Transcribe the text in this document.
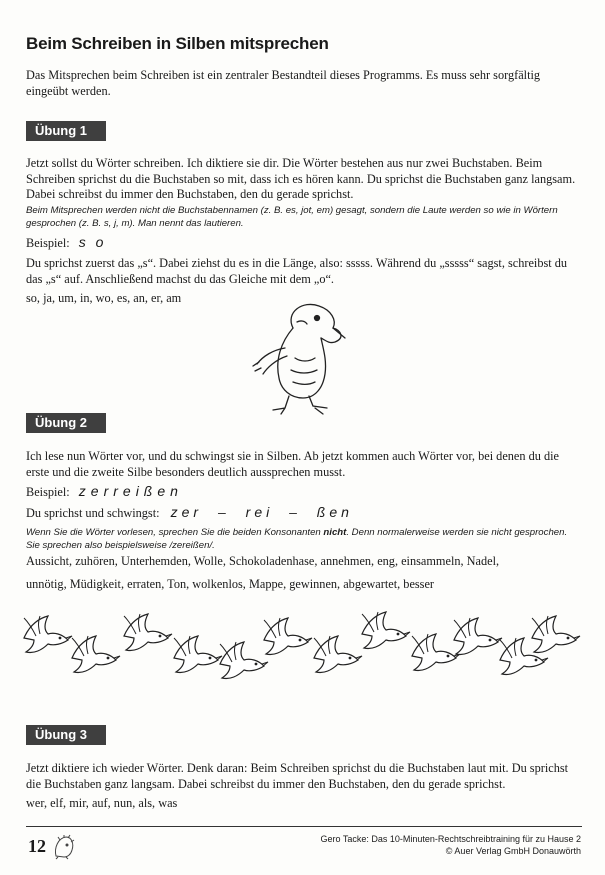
Beim Schreiben in Silben mitsprechen

Das Mitsprechen beim Schreiben ist ein zentraler Bestandteil dieses Programms. Es muss sehr sorgfältig eingeübt werden.

Übung 1

Jetzt sollst du Wörter schreiben. Ich diktiere sie dir. Die Wörter bestehen aus nur zwei Buchstaben. Beim Schreiben sprichst du die Buchstaben so mit, dass ich es hören kann. Du sprichst die Buchstaben ganz langsam. Dabei schreibst du immer den Buchstaben, den du gerade sprichst.

Beim Mitsprechen werden nicht die Buchstabennamen (z. B. es, jot, em) gesagt, sondern die Laute werden so wie in Wörtern gesprochen (z. B. s, j, m). Man nennt das lautieren.

Beispiel: s o

Du sprichst zuerst das „s“. Dabei ziehst du es in die Länge, also: sssss. Während du „sssss“ sagst, schreibst du das „s“ auf. Anschließend machst du das Gleiche mit dem „o“.

so, ja, um, in, wo, es, an, er, am

Übung 2

Ich lese nun Wörter vor, und du schwingst sie in Silben. Ab jetzt kommen auch Wörter vor, bei denen du die erste und die zweite Silbe besonders deutlich aussprechen musst.

Beispiel: zerreißen
Du sprichst und schwingst: zer – rei – ßen

Wenn Sie die Wörter vorlesen, sprechen Sie die beiden Konsonanten nicht. Denn normalerweise werden sie nicht gesprochen. Sie sprechen also beispielsweise /zereißen/.

Aussicht, zuhören, Unterhemden, Wolle, Schokoladenhase, annehmen, eng, einsammeln, Nadel,

unnötig, Müdigkeit, erraten, Ton, wolkenlos, Mappe, gewinnen, abgewartet, besser

Übung 3

Jetzt diktiere ich wieder Wörter. Denk daran: Beim Schreiben sprichst du die Buchstaben laut mit. Du sprichst die Buchstaben ganz langsam. Dabei schreibst du immer den Buchstaben, den du gerade sprichst.

wer, elf, mir, auf, nun, als, was

12	Gero Tacke: Das 10-Minuten-Rechtschreibtraining für zu Hause 2
© Auer Verlag GmbH Donauwörth
